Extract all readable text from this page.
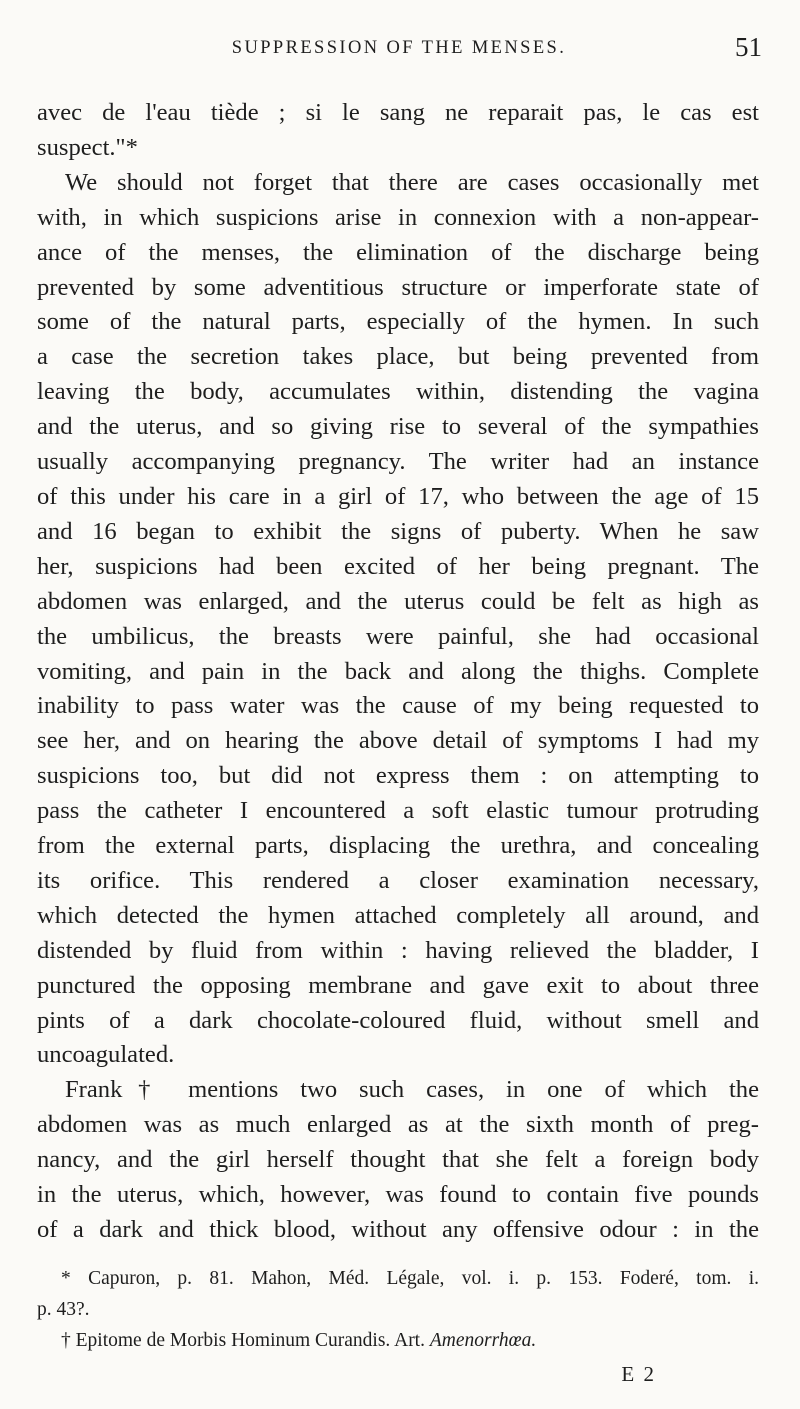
SUPPRESSION OF THE MENSES.	51

avec de l'eau tiède ; si le sang ne reparait pas, le cas est
suspect."*

We should not forget that there are cases occasionally met
with, in which suspicions arise in connexion with a non-appear-
ance of the menses, the elimination of the discharge being
prevented by some adventitious structure or imperforate state of
some of the natural parts, especially of the hymen. In such
a case the secretion takes place, but being prevented from
leaving the body, accumulates within, distending the vagina
and the uterus, and so giving rise to several of the sympathies
usually accompanying pregnancy. The writer had an instance
of this under his care in a girl of 17, who between the age of 15
and 16 began to exhibit the signs of puberty. When he saw
her, suspicions had been excited of her being pregnant. The
abdomen was enlarged, and the uterus could be felt as high as
the umbilicus, the breasts were painful, she had occasional
vomiting, and pain in the back and along the thighs. Complete
inability to pass water was the cause of my being requested to
see her, and on hearing the above detail of symptoms I had my
suspicions too, but did not express them : on attempting to
pass the catheter I encountered a soft elastic tumour protruding
from the external parts, displacing the urethra, and concealing
its orifice. This rendered a closer examination necessary,
which detected the hymen attached completely all around, and
distended by fluid from within : having relieved the bladder, I
punctured the opposing membrane and gave exit to about three
pints of a dark chocolate-coloured fluid, without smell and
uncoagulated.

Frank† mentions two such cases, in one of which the
abdomen was as much enlarged as at the sixth month of preg-
nancy, and the girl herself thought that she felt a foreign body
in the uterus, which, however, was found to contain five pounds
of a dark and thick blood, without any offensive odour : in the

* Capuron, p. 81. Mahon, Méd. Légale, vol. i. p. 153. Foderé, tom. i.
p. 43?.
† Epitome de Morbis Hominum Curandis. Art. Amenorrhœa.
E 2
